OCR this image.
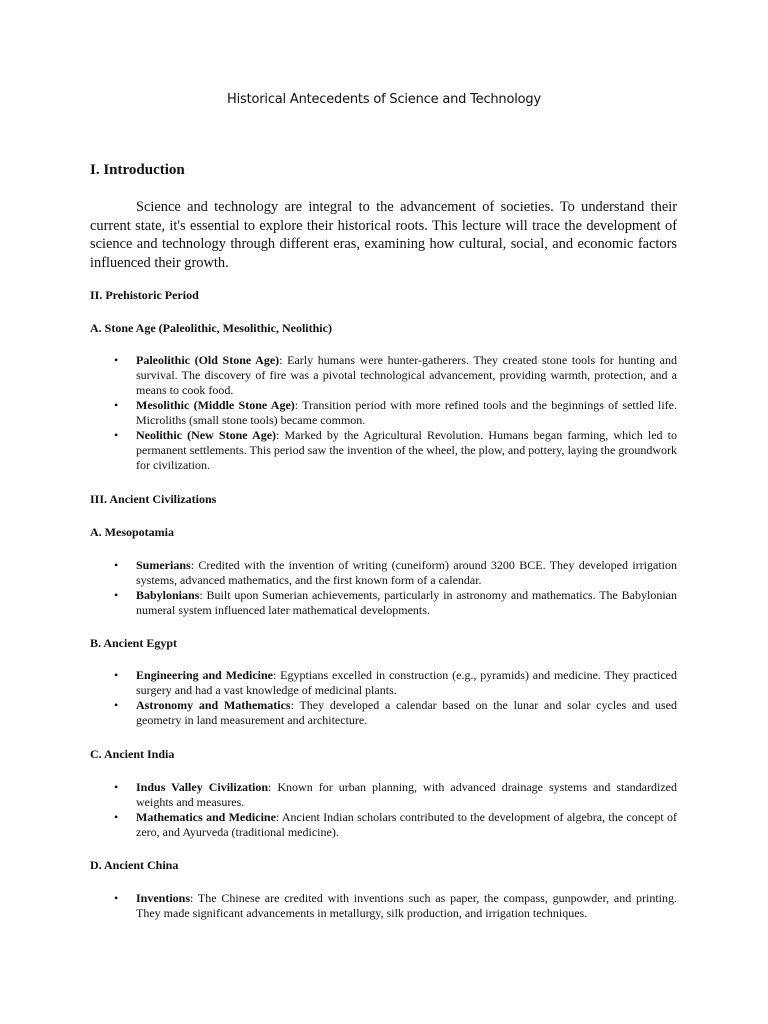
Historical Antecedents of Science and Technology
I. Introduction

Science and technology are integral to the advancement of societies. To understand their current state, it's essential to explore their historical roots. This lecture will trace the development of science and technology through different eras, examining how cultural, social, and economic factors influenced their growth.

II. Prehistoric Period
A. Stone Age (Paleolithic, Mesolithic, Neolithic)
• Paleolithic (Old Stone Age): Early humans were hunter-gatherers. They created stone tools for hunting and survival. The discovery of fire was a pivotal technological advancement, providing warmth, protection, and a means to cook food.
• Mesolithic (Middle Stone Age): Transition period with more refined tools and the beginnings of settled life. Microliths (small stone tools) became common.
• Neolithic (New Stone Age): Marked by the Agricultural Revolution. Humans began farming, which led to permanent settlements. This period saw the invention of the wheel, the plow, and pottery, laying the groundwork for civilization.
III. Ancient Civilizations
A. Mesopotamia
• Sumerians: Credited with the invention of writing (cuneiform) around 3200 BCE. They developed irrigation systems, advanced mathematics, and the first known form of a calendar.
• Babylonians: Built upon Sumerian achievements, particularly in astronomy and mathematics. The Babylonian numeral system influenced later mathematical developments.
B. Ancient Egypt
• Engineering and Medicine: Egyptians excelled in construction (e.g., pyramids) and medicine. They practiced surgery and had a vast knowledge of medicinal plants.
• Astronomy and Mathematics: They developed a calendar based on the lunar and solar cycles and used geometry in land measurement and architecture.
C. Ancient India
• Indus Valley Civilization: Known for urban planning, with advanced drainage systems and standardized weights and measures.
• Mathematics and Medicine: Ancient Indian scholars contributed to the development of algebra, the concept of zero, and Ayurveda (traditional medicine).
D. Ancient China
• Inventions: The Chinese are credited with inventions such as paper, the compass, gunpowder, and printing. They made significant advancements in metallurgy, silk production, and irrigation techniques.
